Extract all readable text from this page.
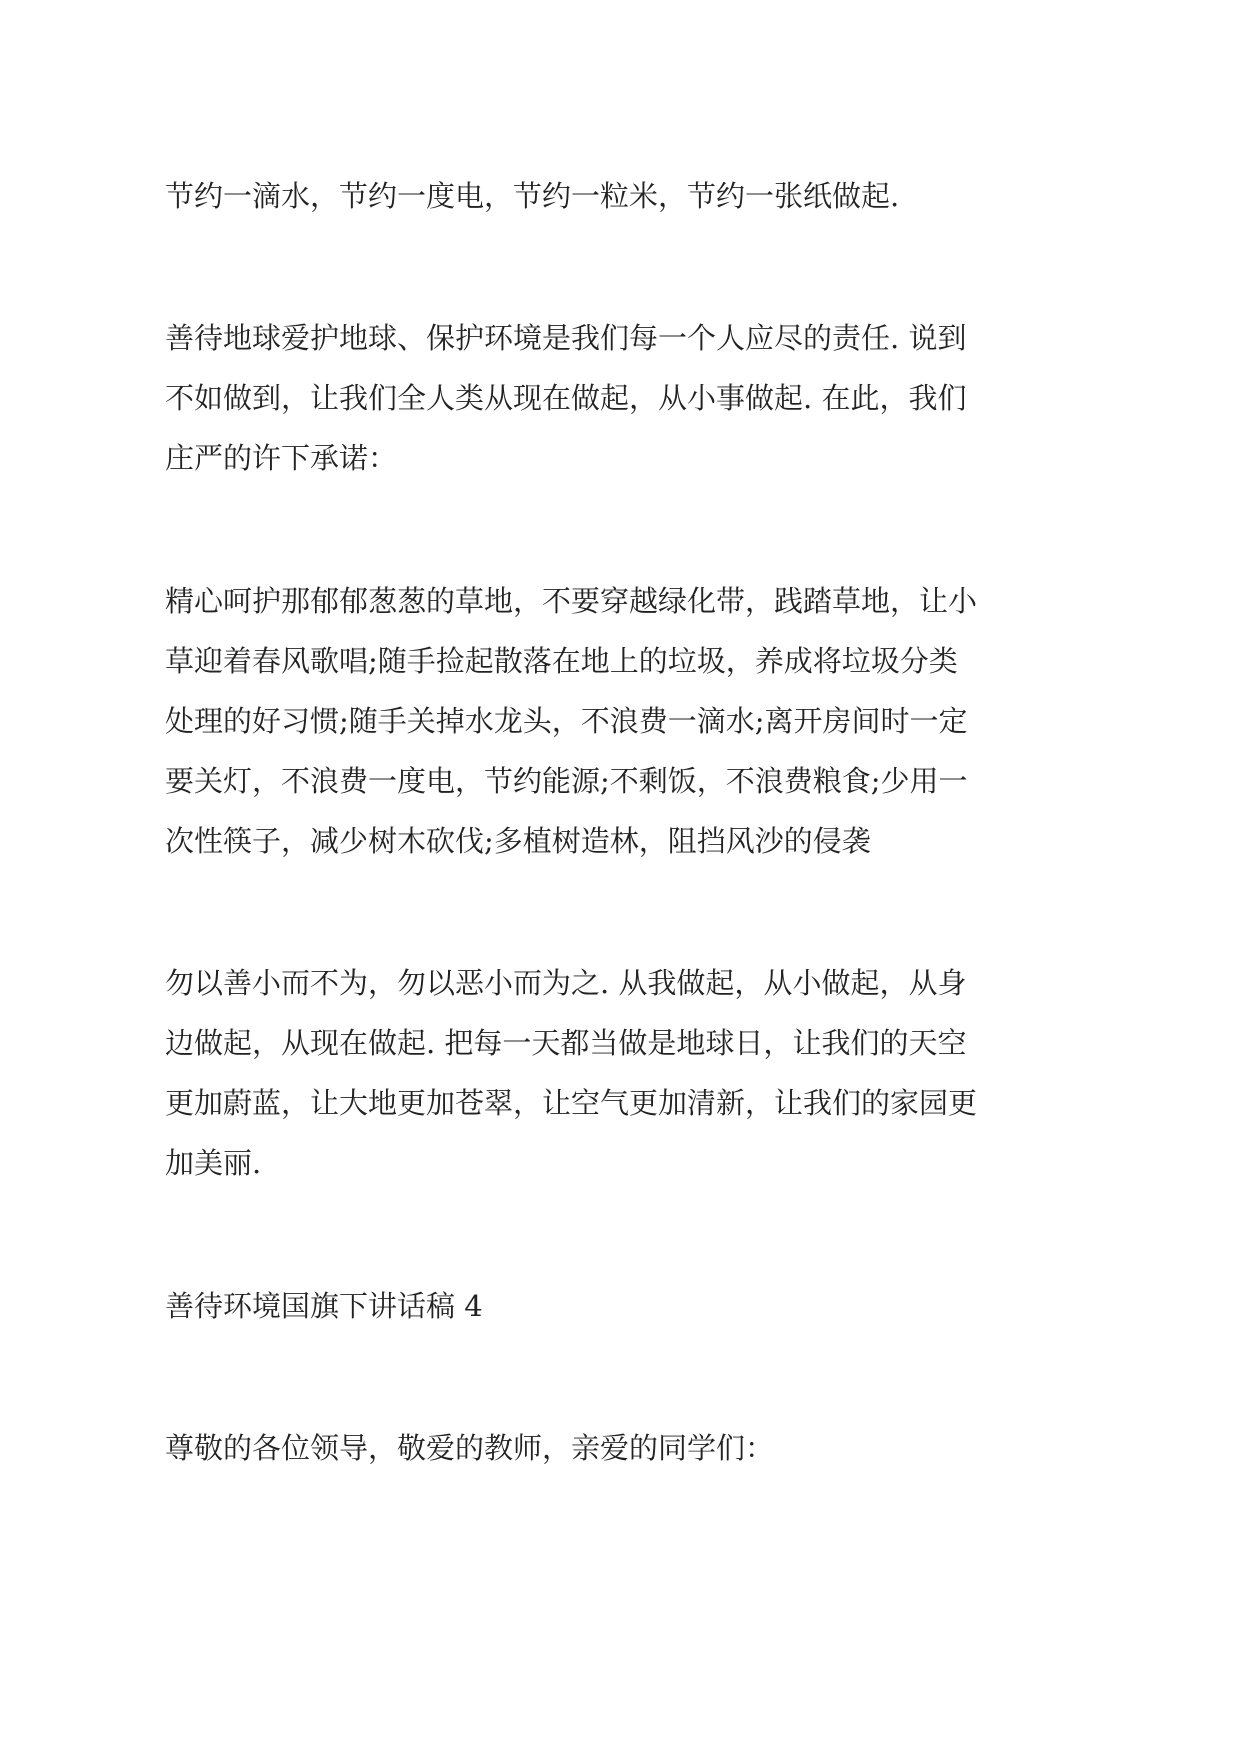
节约一滴水，节约一度电，节约一粒米，节约一张纸做起.
善待地球爱护地球、保护环境是我们每一个人应尽的责任. 说到
不如做到，让我们全人类从现在做起，从小事做起. 在此，我们
庄严的许下承诺：
精心呵护那郁郁葱葱的草地，不要穿越绿化带，践踏草地，让小
草迎着春风歌唱;随手捡起散落在地上的垃圾，养成将垃圾分类
处理的好习惯;随手关掉水龙头，不浪费一滴水;离开房间时一定
要关灯，不浪费一度电，节约能源;不剩饭，不浪费粮食;少用一
次性筷子，减少树木砍伐;多植树造林，阻挡风沙的侵袭
勿以善小而不为，勿以恶小而为之. 从我做起，从小做起，从身
边做起，从现在做起. 把每一天都当做是地球日，让我们的天空
更加蔚蓝，让大地更加苍翠，让空气更加清新，让我们的家园更
加美丽.
善待环境国旗下讲话稿 4
尊敬的各位领导，敬爱的教师，亲爱的同学们：
